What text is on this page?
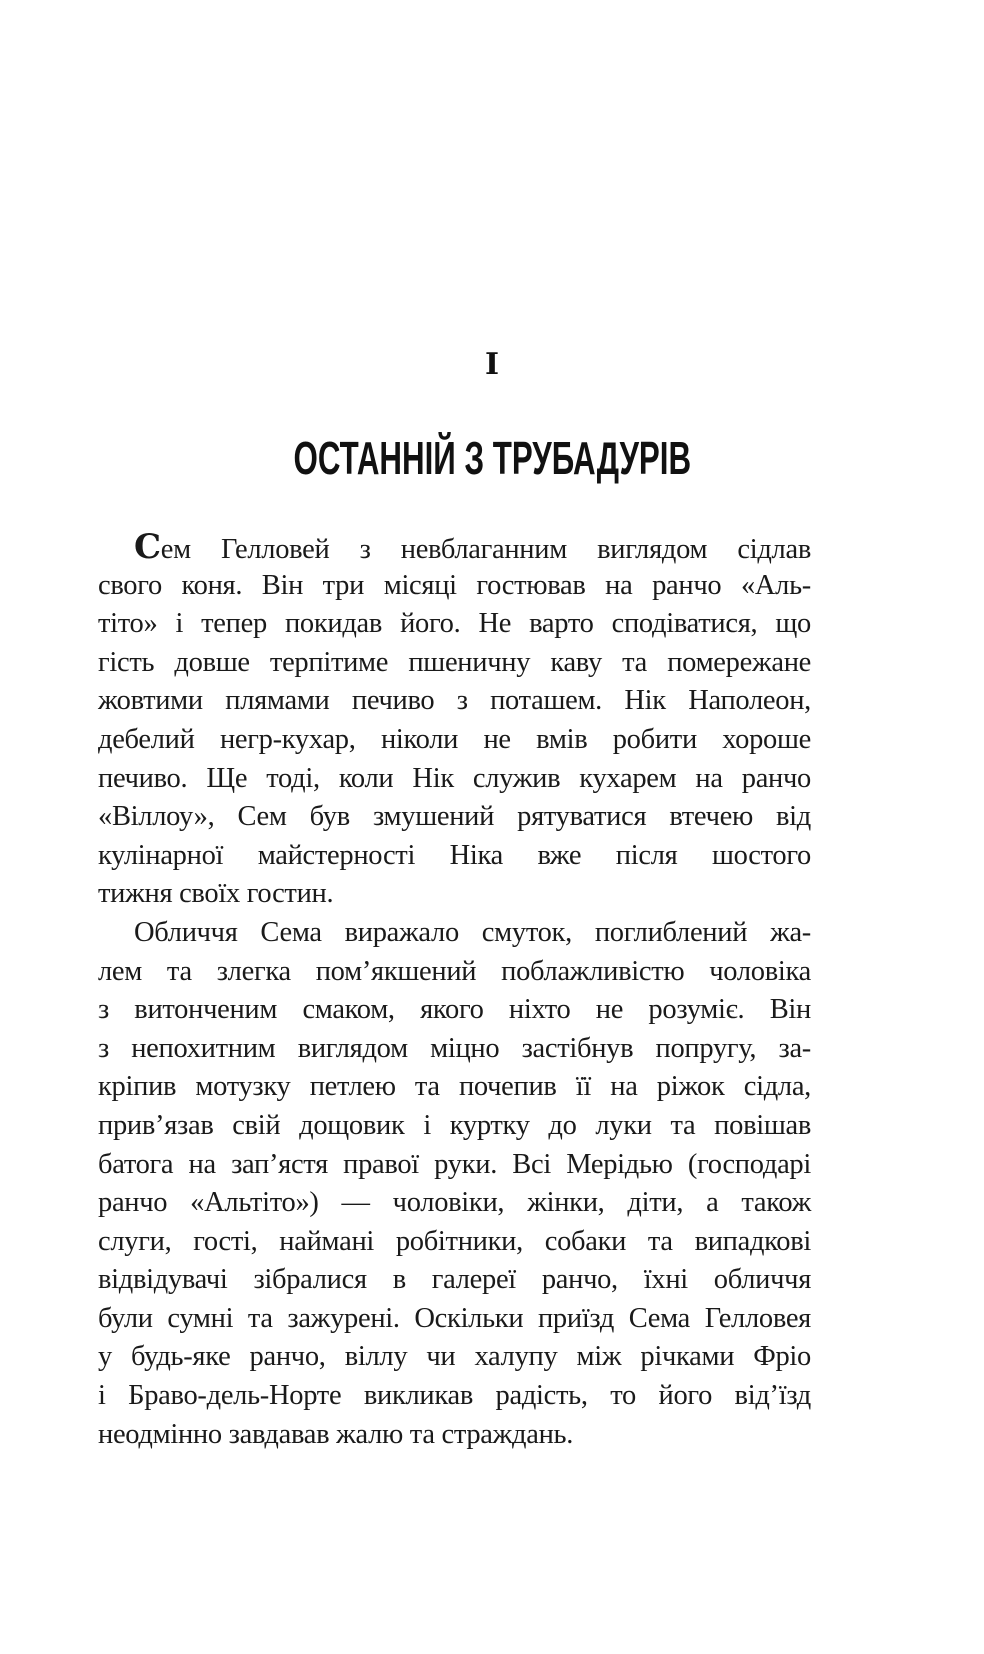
I
ОСТАННІЙ З ТРУБАДУРІВ
Сем Гелловей з невблаганним виглядом сідлав
свого коня. Він три місяці гостював на ранчо «Аль-
тіто» і тепер покидав його. Не варто сподіватися, що
гість довше терпітиме пшеничну каву та помережане
жовтими плямами печиво з поташем. Нік Наполеон,
дебелий негр-кухар, ніколи не вмів робити хороше
печиво. Ще тоді, коли Нік служив кухарем на ранчо
«Віллоу», Сем був змушений рятуватися втечею від
кулінарної майстерності Ніка вже після шостого
тижня своїх гостин.
Обличчя Сема виражало смуток, поглиблений жа-
лем та злегка пом’якшений поблажливістю чоловіка
з витонченим смаком, якого ніхто не розуміє. Він
з непохитним виглядом міцно застібнув попругу, за-
кріпив мотузку петлею та почепив її на ріжок сідла,
прив’язав свій дощовик і куртку до луки та повішав
батога на зап’ястя правої руки. Всі Мерідью (господарі
ранчо «Альтіто») — чоловіки, жінки, діти, а також
слуги, гості, наймані робітники, собаки та випадкові
відвідувачі зібралися в галереї ранчо, їхні обличчя
були сумні та зажурені. Оскільки приїзд Сема Гелловея
у будь-яке ранчо, віллу чи халупу між річками Фріо
і Браво-дель-Норте викликав радість, то його від’їзд
неодмінно завдавав жалю та страждань.
